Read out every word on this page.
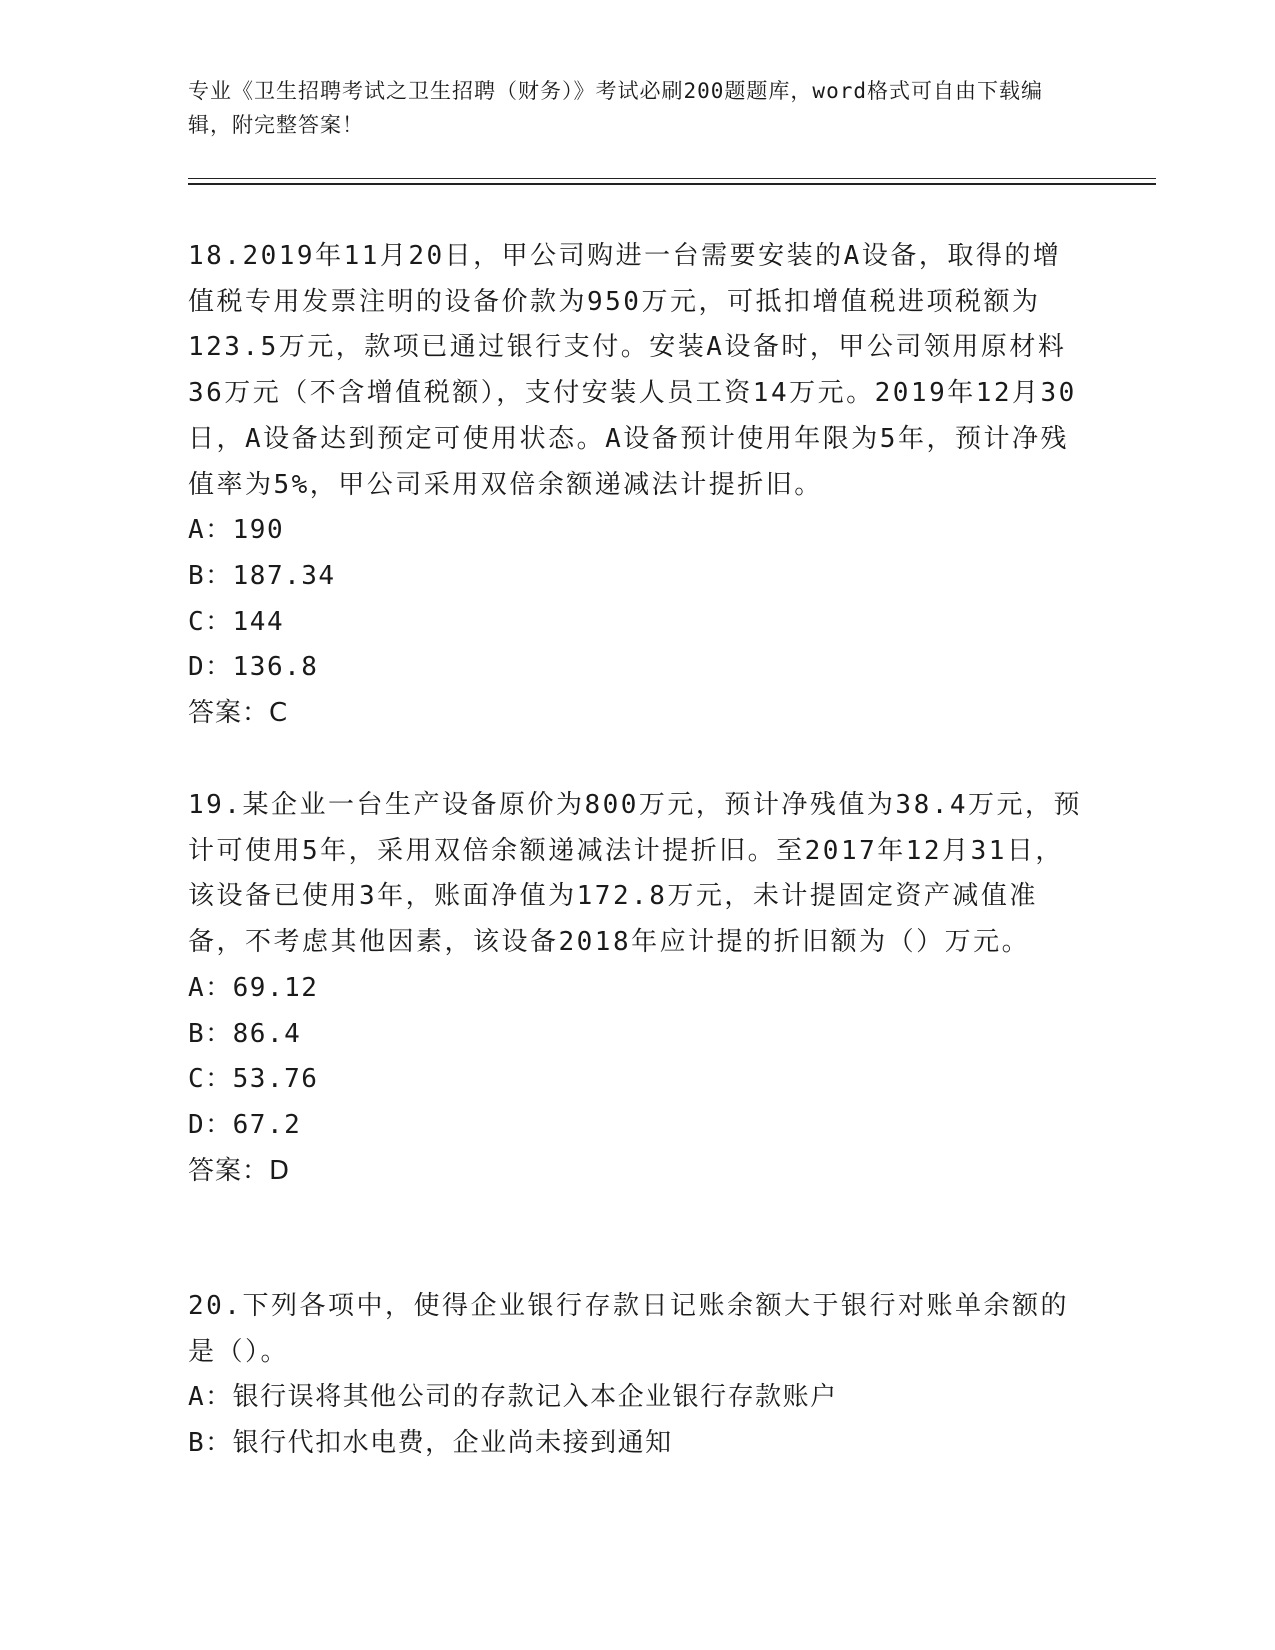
专业《卫生招聘考试之卫生招聘（财务）》考试必刷200题题库，word格式可自由下载编辑，附完整答案！

18.2019年11月20日，甲公司购进一台需要安装的A设备，取得的增值税专用发票注明的设备价款为950万元，可抵扣增值税进项税额为123.5万元，款项已通过银行支付。安装A设备时，甲公司领用原材料36万元（不含增值税额），支付安装人员工资14万元。2019年12月30日，A设备达到预定可使用状态。A设备预计使用年限为5年，预计净残值率为5%，甲公司采用双倍余额递减法计提折旧。

A：190

B：187.34

C：144

D：136.8

答案：C

19.某企业一台生产设备原价为800万元，预计净残值为38.4万元，预计可使用5年，采用双倍余额递减法计提折旧。至2017年12月31日，该设备已使用3年，账面净值为172.8万元，未计提固定资产减值准备，不考虑其他因素，该设备2018年应计提的折旧额为（）万元。

A：69.12

B：86.4

C：53.76

D：67.2

答案：D

20.下列各项中，使得企业银行存款日记账余额大于银行对账单余额的是（）。

A：银行误将其他公司的存款记入本企业银行存款账户

B：银行代扣水电费，企业尚未接到通知
